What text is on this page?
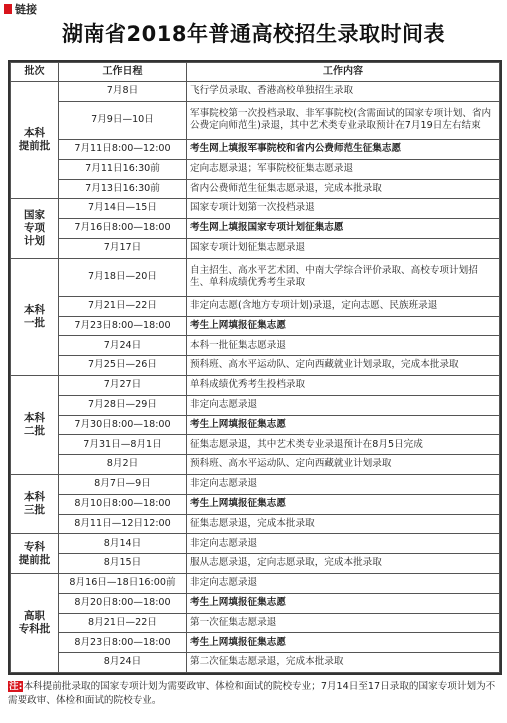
链接
湖南省2018年普通高校招生录取时间表
批次	工作日程	工作内容
本科
提前批	7月8日	飞行学员录取、香港高校单独招生录取
	7月9日—10日	军事院校第一次投档录取、非军事院校(含需面试的国家专项计划、省内公费定向师范生)录退，其中艺术类专业录取预计在7月19日左右结束
	7月11日8:00—12:00	考生网上填报军事院校和省内公费师范生征集志愿
	7月11日16:30前	定向志愿录退；军事院校征集志愿录退
	7月13日16:30前	省内公费师范生征集志愿录退，完成本批录取
国家
专项
计划	7月14日—15日	国家专项计划第一次投档录退
	7月16日8:00—18:00	考生网上填报国家专项计划征集志愿
	7月17日	国家专项计划征集志愿录退
本科
一批	7月18日—20日	自主招生、高水平艺术团、中南大学综合评价录取、高校专项计划招生、单科成绩优秀考生录取
	7月21日—22日	非定向志愿(含地方专项计划)录退，定向志愿、民族班录退
	7月23日8:00—18:00	考生上网填报征集志愿
	7月24日	本科一批征集志愿录退
	7月25日—26日	预科班、高水平运动队、定向西藏就业计划录取，完成本批录取
本科
二批	7月27日	单科成绩优秀考生投档录取
	7月28日—29日	非定向志愿录退
	7月30日8:00—18:00	考生上网填报征集志愿
	7月31日—8月1日	征集志愿录退，其中艺术类专业录退预计在8月5日完成
	8月2日	预科班、高水平运动队、定向西藏就业计划录取
本科
三批	8月7日—9日	非定向志愿录退
	8月10日8:00—18:00	考生上网填报征集志愿
	8月11日—12日12:00	征集志愿录退，完成本批录取
专科
提前批	8月14日	非定向志愿录退
	8月15日	服从志愿录退，定向志愿录取，完成本批录取
高职
专科批	8月16日—18日16:00前	非定向志愿录退
	8月20日8:00—18:00	考生上网填报征集志愿
	8月21日—22日	第一次征集志愿录退
	8月23日8:00—18:00	考生上网填报征集志愿
	8月24日	第二次征集志愿录退，完成本批录取
注:本科提前批录取的国家专项计划为需要政审、体检和面试的院校专业；7月14日至17日录取的国家专项计划为不需要政审、体检和面试的院校专业。
